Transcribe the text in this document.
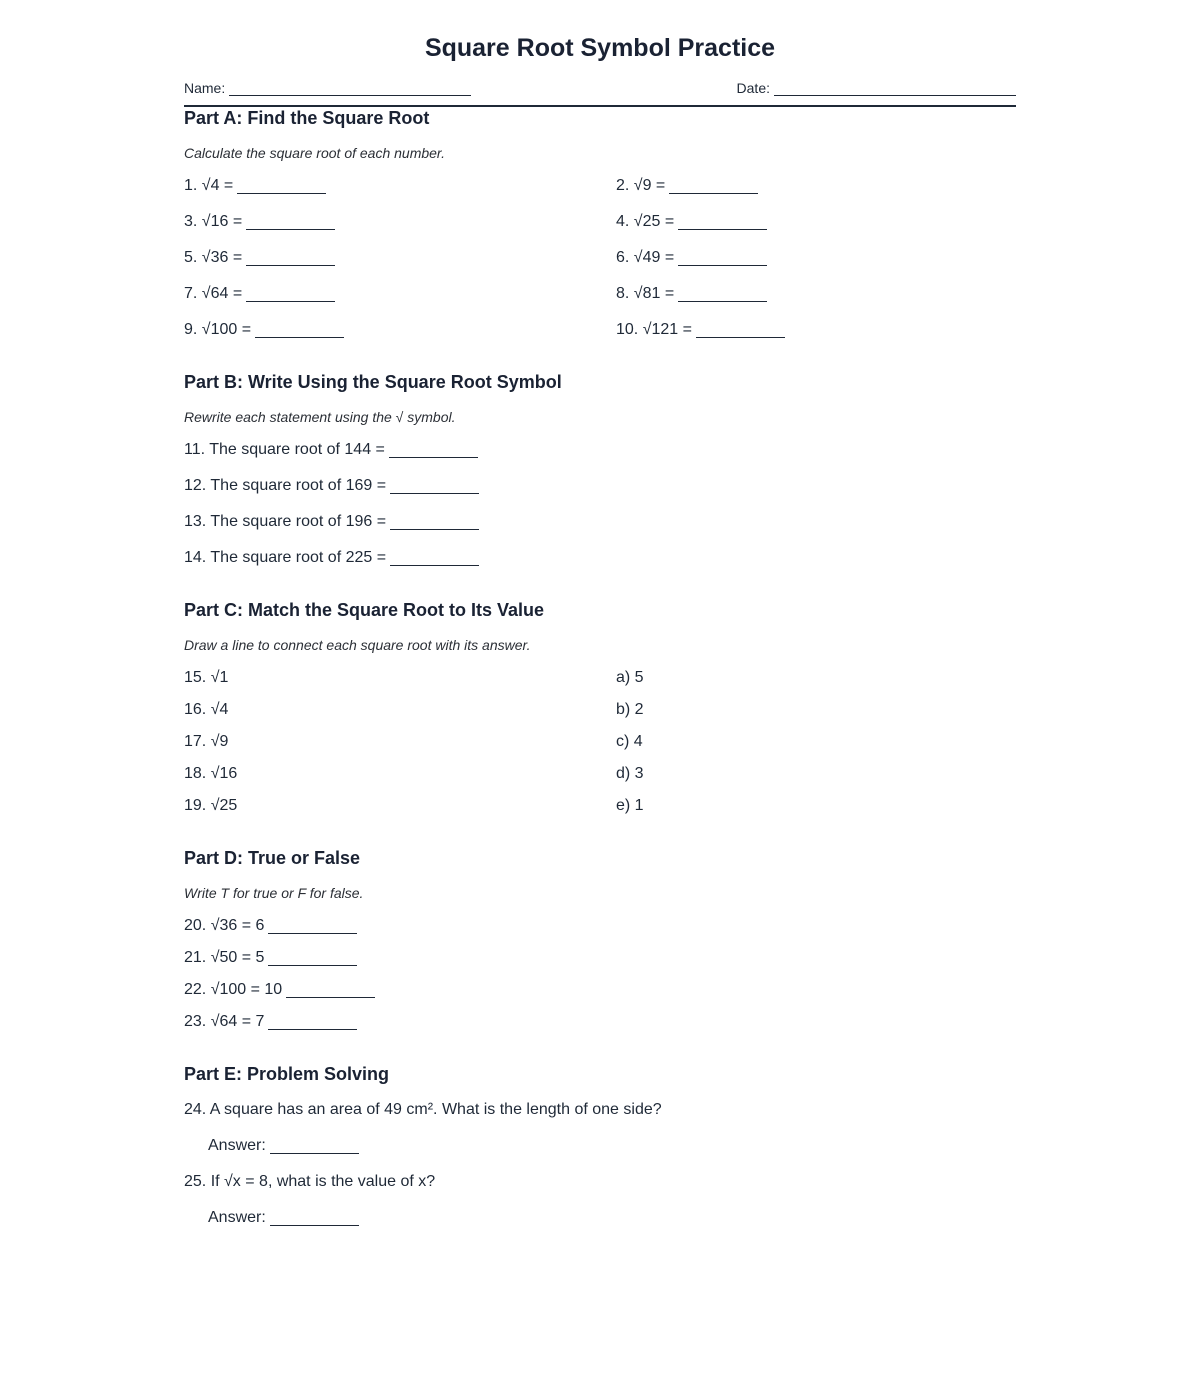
Square Root Symbol Practice
Name:	Date:
Part A: Find the Square Root

Calculate the square root of each number.

1. √4 =	2. √9 =
3. √16 =	4. √25 =
5. √36 =	6. √49 =
7. √64 =	8. √81 =
9. √100 =	10. √121 =
Part B: Write Using the Square Root Symbol

Rewrite each statement using the √ symbol.

11. The square root of 144 =
12. The square root of 169 =
13. The square root of 196 =
14. The square root of 225 =
Part C: Match the Square Root to Its Value

Draw a line to connect each square root with its answer.

15. √1	a) 5
16. √4	b) 2
17. √9	c) 4
18. √16	d) 3
19. √25	e) 1
Part D: True or False

Write T for true or F for false.

20. √36 = 6
21. √50 = 5
22. √100 = 10
23. √64 = 7
Part E: Problem Solving
24. A square has an area of 49 cm². What is the length of one side?
Answer:
25. If √x = 8, what is the value of x?
Answer:
